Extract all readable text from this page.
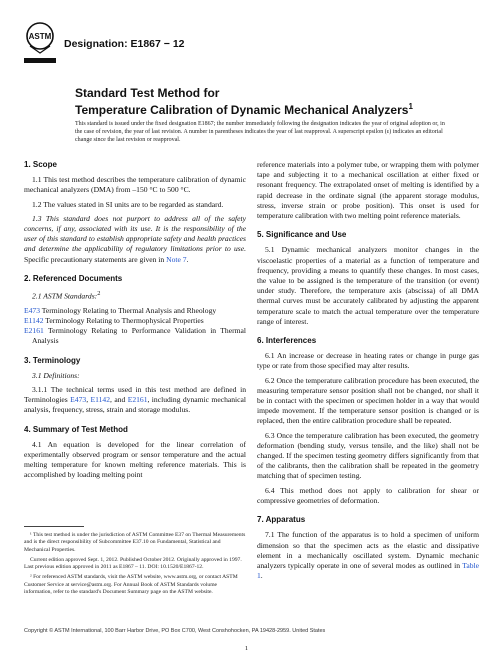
ASTM
Designation: E1867 − 12
Standard Test Method for
Temperature Calibration of Dynamic Mechanical Analyzers$^1$
This standard is issued under the fixed designation E1867; the number immediately following the designation indicates the year of original adoption or, in the case of revision, the year of last revision. A number in parentheses indicates the year of last reapproval. A superscript epsilon (ε) indicates an editorial change since the last revision or reapproval.
1. Scope

1.1 This test method describes the temperature calibration of dynamic mechanical analyzers (DMA) from –150 °C to 500 °C.

1.2 The values stated in SI units are to be regarded as standard.

1.3 This standard does not purport to address all of the safety concerns, if any, associated with its use. It is the responsibility of the user of this standard to establish appropriate safety and health practices and determine the applicability of regulatory limitations prior to use. Specific precautionary statements are given in Note 7.

2. Referenced Documents

2.1 ASTM Standards:$^2$

E473 Terminology Relating to Thermal Analysis and Rheology
E1142 Terminology Relating to Thermophysical Properties
E2161 Terminology Relating to Performance Validation in Thermal Analysis
3. Terminology

3.1 Definitions:

3.1.1 The technical terms used in this test method are defined in Terminologies E473, E1142, and E2161, including dynamic mechanical analysis, frequency, stress, strain and storage modulus.

4. Summary of Test Method

4.1 An equation is developed for the linear correlation of experimentally observed program or sensor temperature and the actual melting temperature for known melting reference materials. This is accomplished by loading melting point

¹ This test method is under the jurisdiction of ASTM Committee E37 on Thermal Measurements and is the direct responsibility of Subcommittee E37.10 on Fundamental, Statistical and Mechanical Properties.

Current edition approved Sept. 1, 2012. Published October 2012. Originally approved in 1997. Last previous edition approved in 2011 as E1867 – 11. DOI: 10.1520/E1867-12.

² For referenced ASTM standards, visit the ASTM website, www.astm.org, or contact ASTM Customer Service at service@astm.org. For Annual Book of ASTM Standards volume information, refer to the standard's Document Summary page on the ASTM website.

reference materials into a polymer tube, or wrapping them with polymer tape and subjecting it to a mechanical oscillation at either fixed or resonant frequency. The extrapolated onset of melting is identified by a rapid decrease in the ordinate signal (the apparent storage modulus, stress, inverse strain or probe position). This onset is used for temperature calibration with two melting point reference materials.

5. Significance and Use

5.1 Dynamic mechanical analyzers monitor changes in the viscoelastic properties of a material as a function of temperature and frequency, providing a means to quantify these changes. In most cases, the value to be assigned is the temperature of the transition (or event) under study. Therefore, the temperature axis (abscissa) of all DMA thermal curves must be accurately calibrated by adjusting the apparent temperature scale to match the actual temperature over the temperature range of interest.

6. Interferences

6.1 An increase or decrease in heating rates or change in purge gas type or rate from those specified may alter results.

6.2 Once the temperature calibration procedure has been executed, the measuring temperature sensor position shall not be changed, nor shall it be in contact with the specimen or specimen holder in a way that would impede movement. If the temperature sensor position is changed or is replaced, then the entire calibration procedure shall be repeated.

6.3 Once the temperature calibration has been executed, the geometry deformation (bending study, versus tensile, and the like) shall not be changed. If the specimen testing geometry differs significantly from that of the calibrants, then the calibration shall be repeated in the geometry matching that of specimen testing.

6.4 This method does not apply to calibration for shear or compressive geometries of deformation.

7. Apparatus

7.1 The function of the apparatus is to hold a specimen of uniform dimension so that the specimen acts as the elastic and dissipative element in a mechanically oscillated system. Dynamic mechanic analyzers typically operate in one of several modes as outlined in Table 1.

Copyright © ASTM International, 100 Barr Harbor Drive, PO Box C700, West Conshohocken, PA 19428-2959. United States
1
